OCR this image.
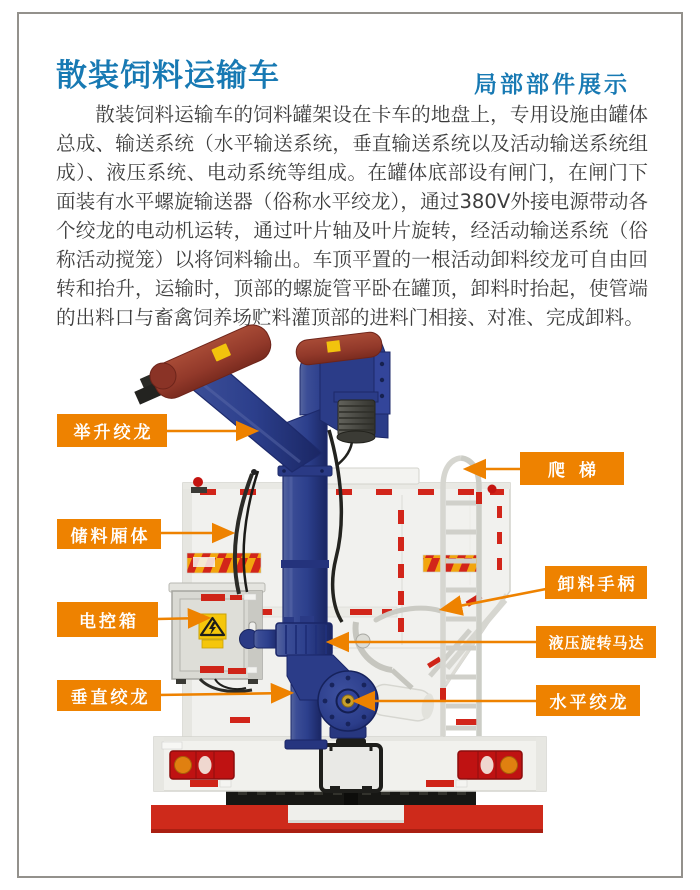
散装饲料运输车	局部部件展示

散装饲料运输车的饲料罐架设在卡车的地盘上，专用设施由罐体总成、输送系统（水平输送系统，垂直输送系统以及活动输送系统组成）、液压系统、电动系统等组成。在罐体底部设有闸门，在闸门下面装有水平螺旋输送器（俗称水平绞龙），通过380V外接电源带动各个绞龙的电动机运转，通过叶片轴及叶片旋转，经活动输送系统（俗称活动搅笼）以将饲料输出。车顶平置的一根活动卸料绞龙可自由回转和抬升，运输时，顶部的螺旋管平卧在罐顶，卸料时抬起，使管端的出料口与畜禽饲养场贮料灌顶部的进料门相接、对准、完成卸料。

举升绞龙
储料厢体
电控箱
垂直绞龙
爬梯
卸料手柄
液压旋转马达
水平绞龙
